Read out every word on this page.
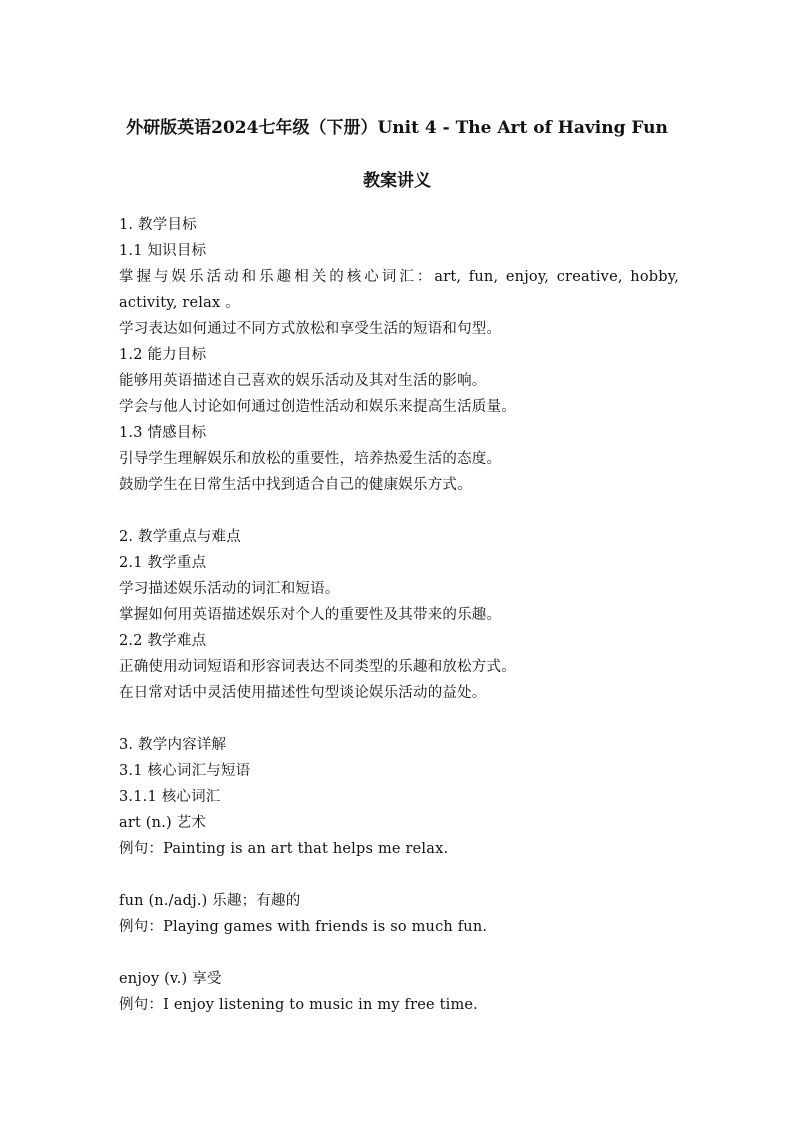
外研版英语2024七年级（下册）Unit 4 - The Art of Having Fun
教案讲义
1. 教学目标
1.1 知识目标
掌握与娱乐活动和乐趣相关的核心词汇：art, fun, enjoy, creative, hobby, activity, relax 。
学习表达如何通过不同方式放松和享受生活的短语和句型。
1.2 能力目标
能够用英语描述自己喜欢的娱乐活动及其对生活的影响。
学会与他人讨论如何通过创造性活动和娱乐来提高生活质量。
1.3 情感目标
引导学生理解娱乐和放松的重要性，培养热爱生活的态度。
鼓励学生在日常生活中找到适合自己的健康娱乐方式。
2. 教学重点与难点
2.1 教学重点
学习描述娱乐活动的词汇和短语。
掌握如何用英语描述娱乐对个人的重要性及其带来的乐趣。
2.2 教学难点
正确使用动词短语和形容词表达不同类型的乐趣和放松方式。
在日常对话中灵活使用描述性句型谈论娱乐活动的益处。
3. 教学内容详解
3.1 核心词汇与短语
3.1.1 核心词汇
art (n.) 艺术
例句：Painting is an art that helps me relax.
fun (n./adj.) 乐趣；有趣的
例句：Playing games with friends is so much fun.
enjoy (v.) 享受
例句：I enjoy listening to music in my free time.
